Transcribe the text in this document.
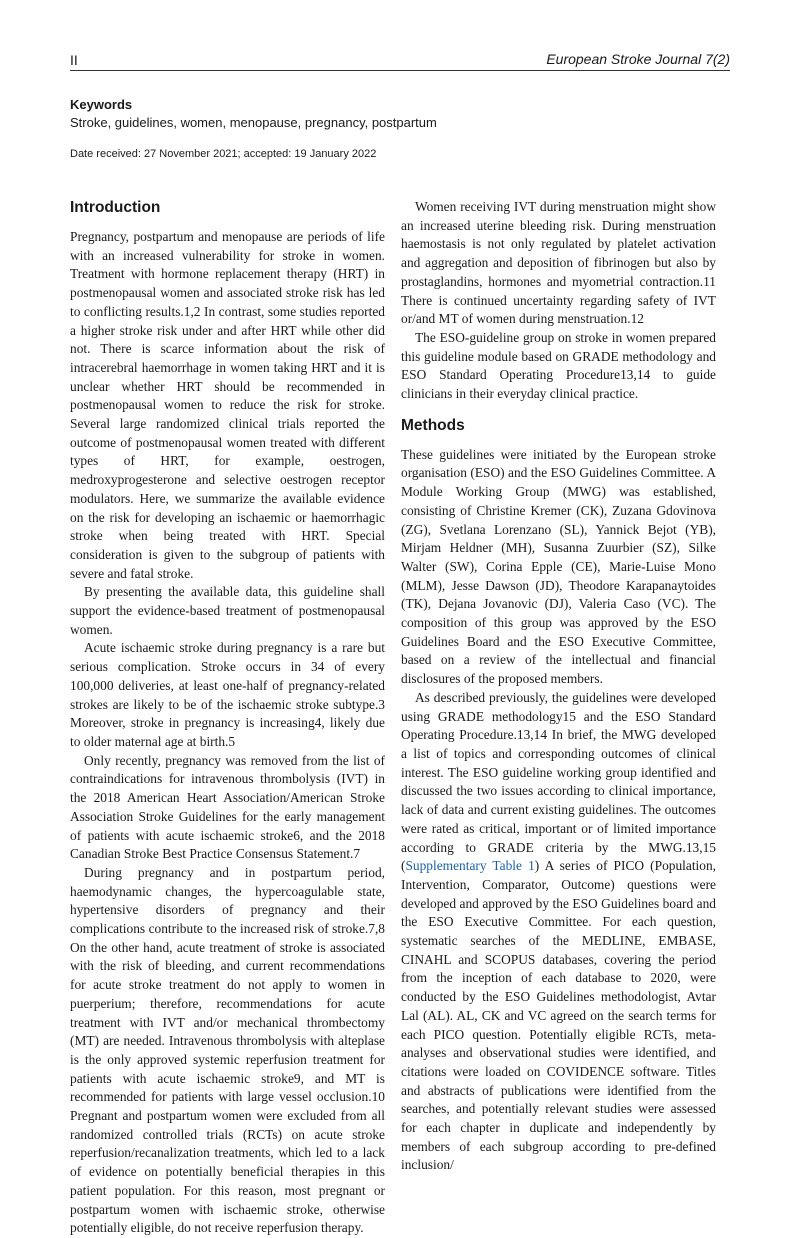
II	European Stroke Journal 7(2)
Keywords
Stroke, guidelines, women, menopause, pregnancy, postpartum
Date received: 27 November 2021; accepted: 19 January 2022
Introduction

Pregnancy, postpartum and menopause are periods of life with an increased vulnerability for stroke in women. Treatment with hormone replacement therapy (HRT) in postmenopausal women and associated stroke risk has led to conflicting results.1,2 In contrast, some studies reported a higher stroke risk under and after HRT while other did not. There is scarce information about the risk of intracerebral haemorrhage in women taking HRT and it is unclear whether HRT should be recommended in postmenopausal women to reduce the risk for stroke. Several large randomized clinical trials reported the outcome of postmenopausal women treated with different types of HRT, for example, oestrogen, medroxyprogesterone and selective oestrogen receptor modulators. Here, we summarize the available evidence on the risk for developing an ischaemic or haemorrhagic stroke when being treated with HRT. Special consideration is given to the subgroup of patients with severe and fatal stroke.

By presenting the available data, this guideline shall support the evidence-based treatment of postmenopausal women.

Acute ischaemic stroke during pregnancy is a rare but serious complication. Stroke occurs in 34 of every 100,000 deliveries, at least one-half of pregnancy-related strokes are likely to be of the ischaemic stroke subtype.3 Moreover, stroke in pregnancy is increasing4, likely due to older maternal age at birth.5

Only recently, pregnancy was removed from the list of contraindications for intravenous thrombolysis (IVT) in the 2018 American Heart Association/American Stroke Association Stroke Guidelines for the early management of patients with acute ischaemic stroke6, and the 2018 Canadian Stroke Best Practice Consensus Statement.7

During pregnancy and in postpartum period, haemodynamic changes, the hypercoagulable state, hypertensive disorders of pregnancy and their complications contribute to the increased risk of stroke.7,8 On the other hand, acute treatment of stroke is associated with the risk of bleeding, and current recommendations for acute stroke treatment do not apply to women in puerperium; therefore, recommendations for acute treatment with IVT and/or mechanical thrombectomy (MT) are needed. Intravenous thrombolysis with alteplase is the only approved systemic reperfusion treatment for patients with acute ischaemic stroke9, and MT is recommended for patients with large vessel occlusion.10 Pregnant and postpartum women were excluded from all randomized controlled trials (RCTs) on acute stroke reperfusion/recanalization treatments, which led to a lack of evidence on potentially beneficial therapies in this patient population. For this reason, most pregnant or postpartum women with ischaemic stroke, otherwise potentially eligible, do not receive reperfusion therapy.

Women receiving IVT during menstruation might show an increased uterine bleeding risk. During menstruation haemostasis is not only regulated by platelet activation and aggregation and deposition of fibrinogen but also by prostaglandins, hormones and myometrial contraction.11 There is continued uncertainty regarding safety of IVT or/and MT of women during menstruation.12

The ESO-guideline group on stroke in women prepared this guideline module based on GRADE methodology and ESO Standard Operating Procedure13,14 to guide clinicians in their everyday clinical practice.

Methods

These guidelines were initiated by the European stroke organisation (ESO) and the ESO Guidelines Committee. A Module Working Group (MWG) was established, consisting of Christine Kremer (CK), Zuzana Gdovinova (ZG), Svetlana Lorenzano (SL), Yannick Bejot (YB), Mirjam Heldner (MH), Susanna Zuurbier (SZ), Silke Walter (SW), Corina Epple (CE), Marie-Luise Mono (MLM), Jesse Dawson (JD), Theodore Karapanaytoides (TK), Dejana Jovanovic (DJ), Valeria Caso (VC). The composition of this group was approved by the ESO Guidelines Board and the ESO Executive Committee, based on a review of the intellectual and financial disclosures of the proposed members.

As described previously, the guidelines were developed using GRADE methodology15 and the ESO Standard Operating Procedure.13,14 In brief, the MWG developed a list of topics and corresponding outcomes of clinical interest. The ESO guideline working group identified and discussed the two issues according to clinical importance, lack of data and current existing guidelines. The outcomes were rated as critical, important or of limited importance according to GRADE criteria by the MWG.13,15 (Supplementary Table 1) A series of PICO (Population, Intervention, Comparator, Outcome) questions were developed and approved by the ESO Guidelines board and the ESO Executive Committee. For each question, systematic searches of the MEDLINE, EMBASE, CINAHL and SCOPUS databases, covering the period from the inception of each database to 2020, were conducted by the ESO Guidelines methodologist, Avtar Lal (AL). AL, CK and VC agreed on the search terms for each PICO question. Potentially eligible RCTs, meta-analyses and observational studies were identified, and citations were loaded on COVIDENCE software. Titles and abstracts of publications were identified from the searches, and potentially relevant studies were assessed for each chapter in duplicate and independently by members of each subgroup according to pre-defined inclusion/
